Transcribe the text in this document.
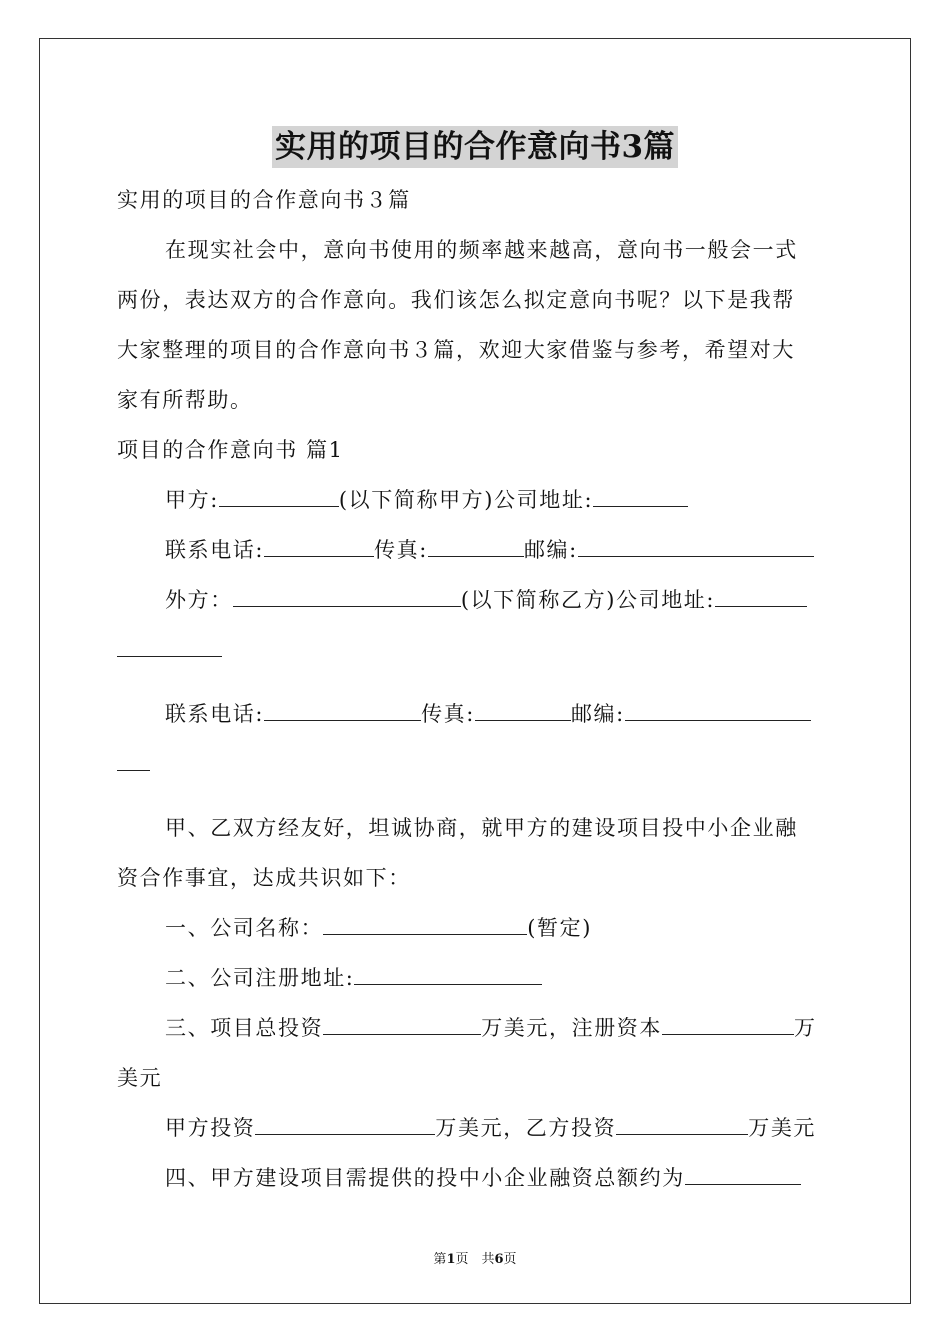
实用的项目的合作意向书3篇
实用的项目的合作意向书３篇
在现实社会中，意向书使用的频率越来越高，意向书一般会一式
两份，表达双方的合作意向。我们该怎么拟定意向书呢？以下是我帮
大家整理的项目的合作意向书３篇，欢迎大家借鉴与参考，希望对大
家有所帮助。
项目的合作意向书 篇1
甲方:	(以下简称甲方)公司地址:
联系电话:	传真:	邮编:
外方：	(以下简称乙方)公司地址:
联系电话:	传真:	邮编:
甲、乙双方经友好，坦诚协商，就甲方的建设项目投中小企业融
资合作事宜，达成共识如下：
一、公司名称：	(暂定)
二、公司注册地址:
三、项目总投资	万美元，注册资本	万
美元
甲方投资	万美元，乙方投资	万美元
四、甲方建设项目需提供的投中小企业融资总额约为
第1页　共6页
